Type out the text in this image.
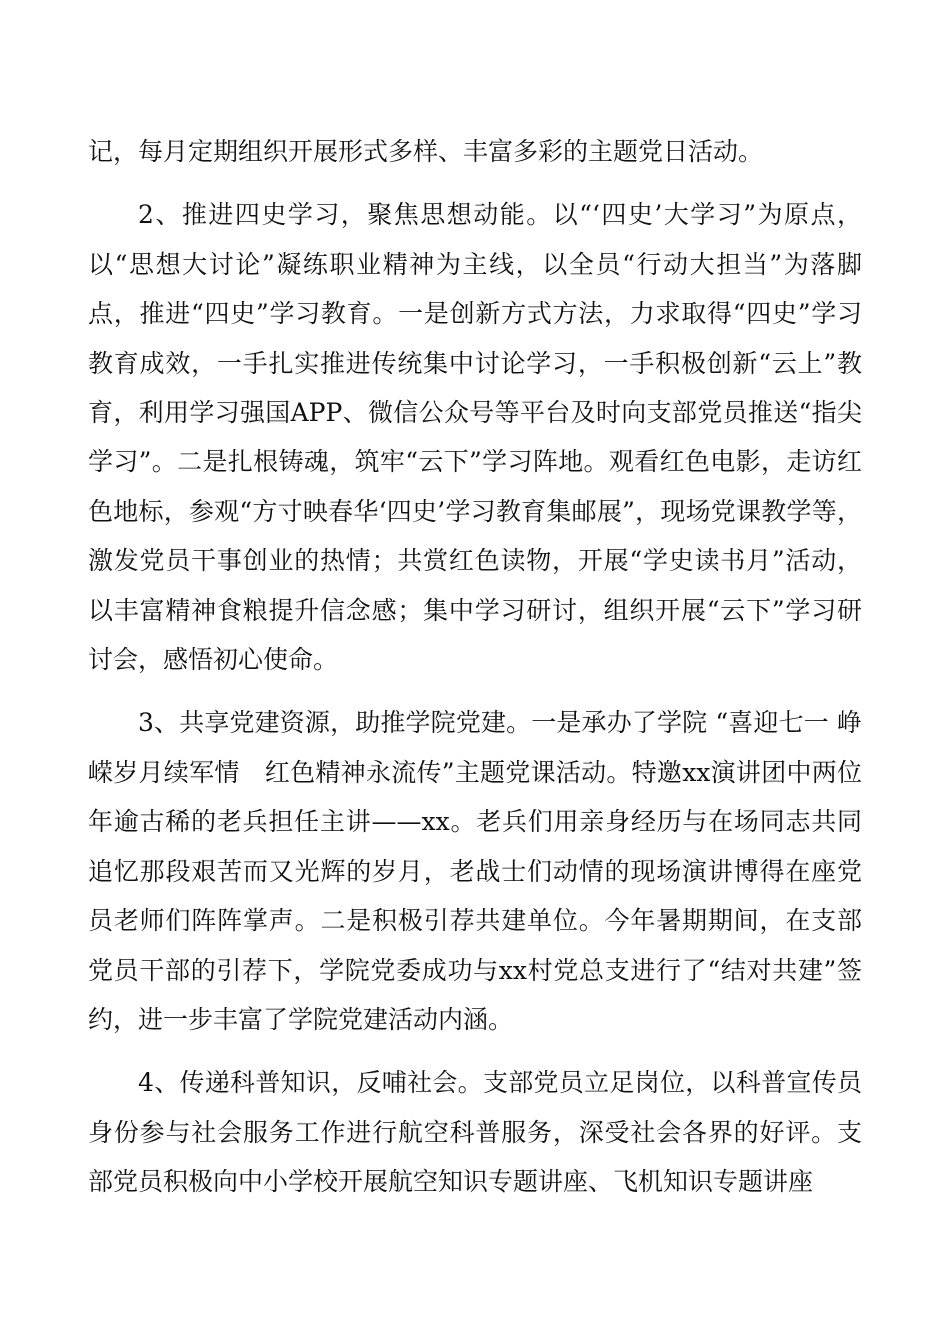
记，每月定期组织开展形式多样、丰富多彩的主题党日活动。

2、推进四史学习，聚焦思想动能。以“‘四史’大学习”为原点，以“思想大讨论”凝练职业精神为主线，以全员“行动大担当”为落脚点，推进“四史”学习教育。一是创新方式方法，力求取得“四史”学习教育成效，一手扎实推进传统集中讨论学习，一手积极创新“云上”教育，利用学习强国APP、微信公众号等平台及时向支部党员推送“指尖学习”。二是扎根铸魂，筑牢“云下”学习阵地。观看红色电影，走访红色地标，参观“方寸映春华‘四史’学习教育集邮展”，现场党课教学等，激发党员干事创业的热情；共赏红色读物，开展“学史读书月”活动，以丰富精神食粮提升信念感；集中学习研讨，组织开展“云下”学习研讨会，感悟初心使命。

3、共享党建资源，助推学院党建。一是承办了学院 “喜迎七一 峥嵘岁月续军情　红色精神永流传”主题党课活动。特邀xx演讲团中两位年逾古稀的老兵担任主讲——xx。老兵们用亲身经历与在场同志共同追忆那段艰苦而又光辉的岁月，老战士们动情的现场演讲博得在座党员老师们阵阵掌声。二是积极引荐共建单位。今年暑期期间，在支部党员干部的引荐下，学院党委成功与xx村党总支进行了“结对共建”签约，进一步丰富了学院党建活动内涵。

4、传递科普知识，反哺社会。支部党员立足岗位，以科普宣传员身份参与社会服务工作进行航空科普服务，深受社会各界的好评。支部党员积极向中小学校开展航空知识专题讲座、飞机知识专题讲座
